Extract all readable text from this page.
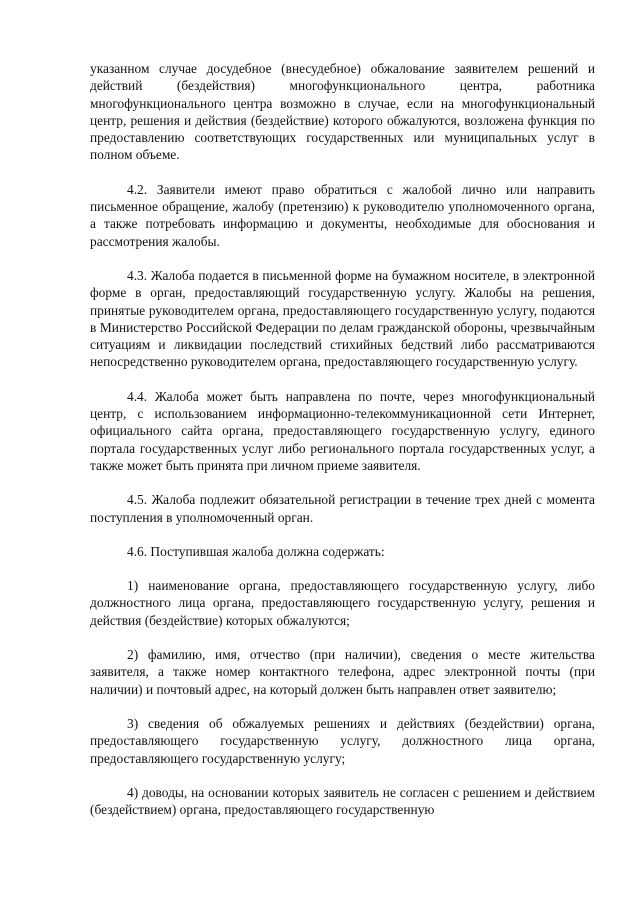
указанном случае досудебное (внесудебное) обжалование заявителем решений и действий (бездействия) многофункционального центра, работника многофункционального центра возможно в случае, если на многофункциональный центр, решения и действия (бездействие) которого обжалуются, возложена функция по предоставлению соответствующих государственных или муниципальных услуг в полном объеме.

4.2. Заявители имеют право обратиться с жалобой лично или направить письменное обращение, жалобу (претензию) к руководителю уполномоченного органа, а также потребовать информацию и документы, необходимые для обоснования и рассмотрения жалобы.

4.3. Жалоба подается в письменной форме на бумажном носителе, в электронной форме в орган, предоставляющий государственную услугу. Жалобы на решения, принятые руководителем органа, предоставляющего государственную услугу, подаются в Министерство Российской Федерации по делам гражданской обороны, чрезвычайным ситуациям и ликвидации последствий стихийных бедствий либо рассматриваются непосредственно руководителем органа, предоставляющего государственную услугу.

4.4. Жалоба может быть направлена по почте, через многофункциональный центр, с использованием информационно-телекоммуникационной сети Интернет, официального сайта органа, предоставляющего государственную услугу, единого портала государственных услуг либо регионального портала государственных услуг, а также может быть принята при личном приеме заявителя.

4.5. Жалоба подлежит обязательной регистрации в течение трех дней с момента поступления в уполномоченный орган.

4.6. Поступившая жалоба должна содержать:

1) наименование органа, предоставляющего государственную услугу, либо должностного лица органа, предоставляющего государственную услугу, решения и действия (бездействие) которых обжалуются;

2) фамилию, имя, отчество (при наличии), сведения о месте жительства заявителя, а также номер контактного телефона, адрес электронной почты (при наличии) и почтовый адрес, на который должен быть направлен ответ заявителю;

3) сведения об обжалуемых решениях и действиях (бездействии) органа, предоставляющего государственную услугу, должностного лица органа, предоставляющего государственную услугу;

4) доводы, на основании которых заявитель не согласен с решением и действием (бездействием) органа, предоставляющего государственную
